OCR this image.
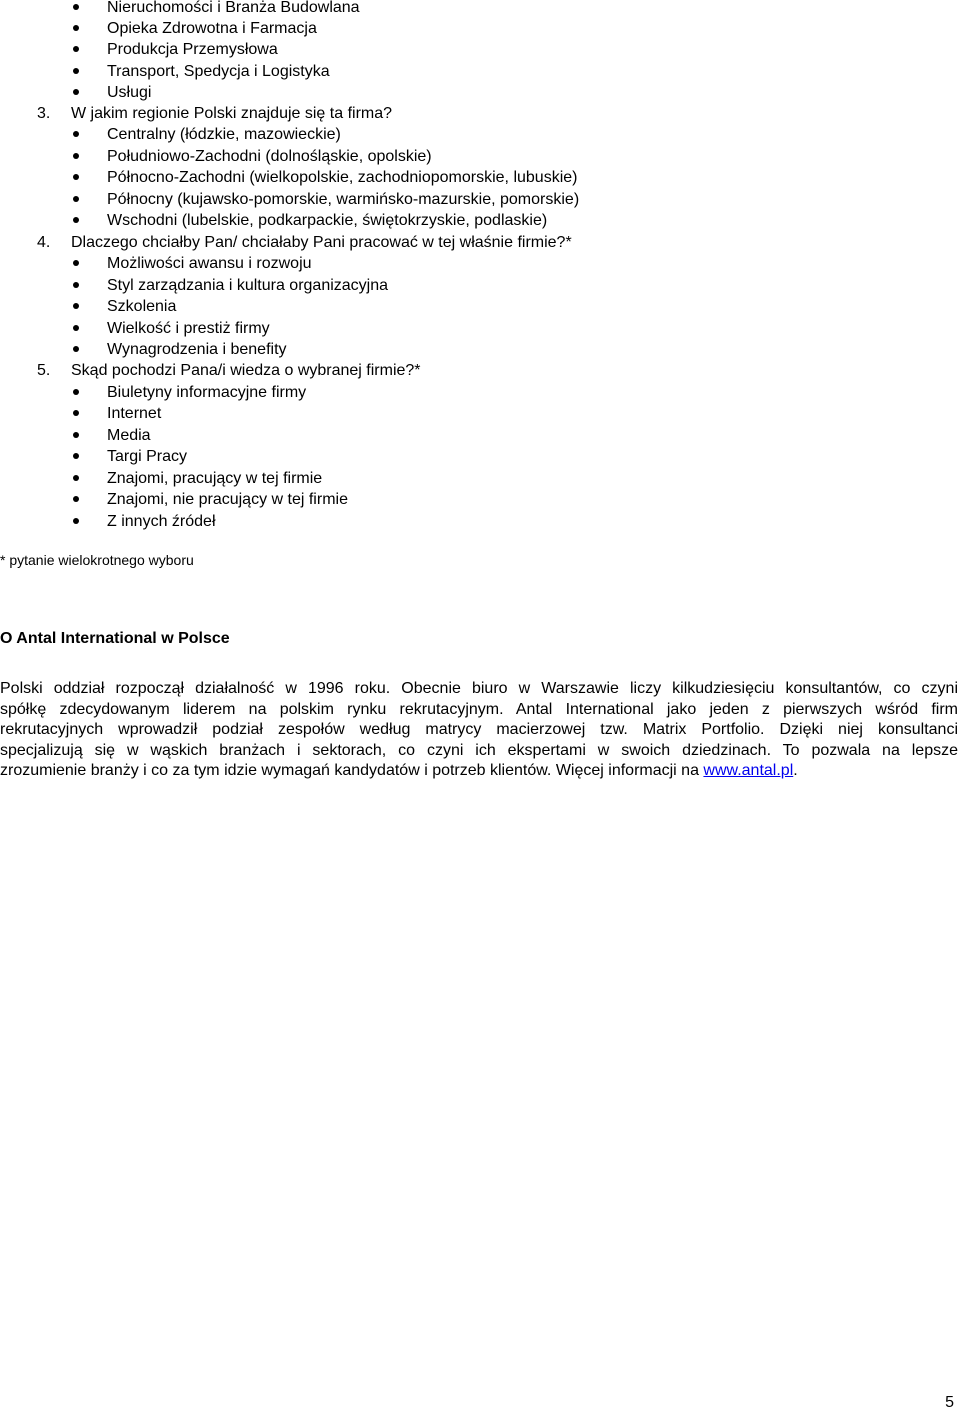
Nieruchomości i Branża Budowlana
Opieka Zdrowotna i Farmacja
Produkcja Przemysłowa
Transport, Spedycja i Logistyka
Usługi
3. W jakim regionie Polski znajduje się ta firma?
Centralny (łódzkie, mazowieckie)
Południowo-Zachodni (dolnośląskie, opolskie)
Północno-Zachodni (wielkopolskie, zachodniopomorskie, lubuskie)
Północny (kujawsko-pomorskie, warmińsko-mazurskie, pomorskie)
Wschodni (lubelskie, podkarpackie, świętokrzyskie, podlaskie)
4. Dlaczego chciałby Pan/ chciałaby Pani pracować w tej właśnie firmie?*
Możliwości awansu i rozwoju
Styl zarządzania i kultura organizacyjna
Szkolenia
Wielkość i prestiż firmy
Wynagrodzenia i benefity
5. Skąd pochodzi Pana/i wiedza o wybranej firmie?*
Biuletyny informacyjne firmy
Internet
Media
Targi Pracy
Znajomi, pracujący w tej firmie
Znajomi, nie pracujący w tej firmie
Z innych źródeł
* pytanie wielokrotnego wyboru
O Antal International w Polsce
Polski oddział rozpoczął działalność w 1996 roku. Obecnie biuro w Warszawie liczy kilkudziesięciu konsultantów, co czyni
spółkę zdecydowanym liderem na polskim rynku rekrutacyjnym. Antal International jako jeden z pierwszych wśród firm
rekrutacyjnych wprowadził podział zespołów według matrycy macierzowej tzw. Matrix Portfolio. Dzięki niej konsultanci
specjalizują się w wąskich branżach i sektorach, co czyni ich ekspertami w swoich dziedzinach. To pozwala na lepsze
zrozumienie branży i co za tym idzie wymagań kandydatów i potrzeb klientów. Więcej informacji na www.antal.pl.
5
